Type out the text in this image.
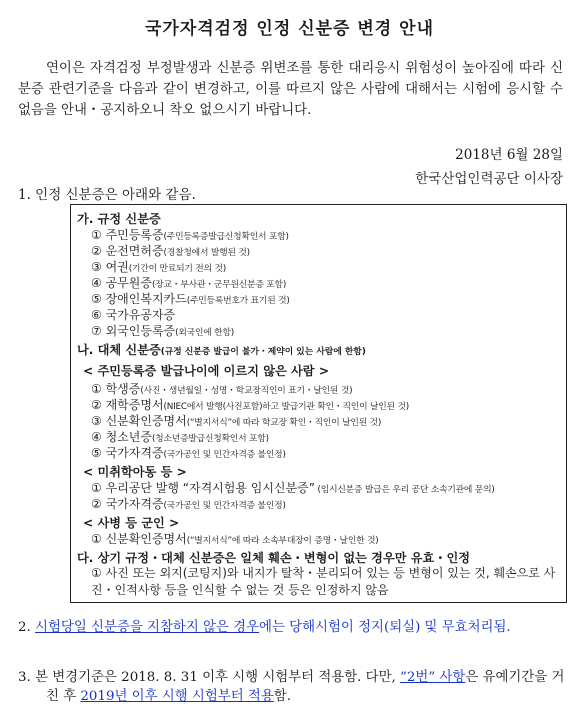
국가자격검정 인정 신분증 변경 안내
연이은 자격검정 부정발생과 신분증 위변조를 통한 대리응시 위험성이 높아짐에 따라 신분증 관련기준을 다음과 같이 변경하고, 이를 따르지 않은 사람에 대해서는 시험에 응시할 수 없음을 안내・공지하오니 착오 없으시기 바랍니다.
2018년 6월 28일
한국산업인력공단 이사장
1. 인정 신분증은 아래와 같음.
가. 규정 신분증
① 주민등록증(주민등록증발급신청확인서 포함)
② 운전면허증(경찰청에서 발행된 것)
③ 여권(기간이 만료되기 전의 것)
④ 공무원증(장교・부사관・군무원신분증 포함)
⑤ 장애인복지카드(주민등록번호가 표기된 것)
⑥ 국가유공자증
⑦ 외국인등록증(외국인에 한함)
나. 대체 신분증(규정 신분증 발급이 불가・제약이 있는 사람에 한함)
< 주민등록증 발급나이에 이르지 않은 사람 >
① 학생증(사진・생년월일・성명・학교장직인이 표기・날인된 것)
② 재학증명서(NIEC에서 발행(사진포함)하고 발급기관 확인・직인이 날인된 것)
③ 신분확인증명서(“별지서식”에 따라 학교장 확인・직인이 날인된 것)
④ 청소년증(청소년증발급신청확인서 포함)
⑤ 국가자격증(국가공인 및 민간자격증 불인정)
< 미취학아동 등 >
① 우리공단 발행 “자격시험용 임시신분증” (임시신분증 발급은 우리 공단 소속기관에 문의)
② 국가자격증(국가공인 및 민간자격증 불인정)
< 사병 등 군인 >
① 신분확인증명서(“별지서식”에 따라 소속부대장이 증명・날인한 것)
다. 상기 규정・대체 신분증은 일체 훼손・변형이 없는 경우만 유효・인정
① 사진 또는 외지(코팅지)와 내지가 탈착・분리되어 있는 등 변형이 있는 것, 훼손으로 사진・인적사항 등을 인식할 수 없는 것 등은 인정하지 않음
2. 시험당일 신분증을 지참하지 않은 경우에는 당해시험이 정지(퇴실) 및 무효처리됨.
3. 본 변경기준은 2018. 8. 31 이후 시행 시험부터 적용함. 다만, “2번” 사항은 유예기간을 거친 후 2019년 이후 시행 시험부터 적용함.
